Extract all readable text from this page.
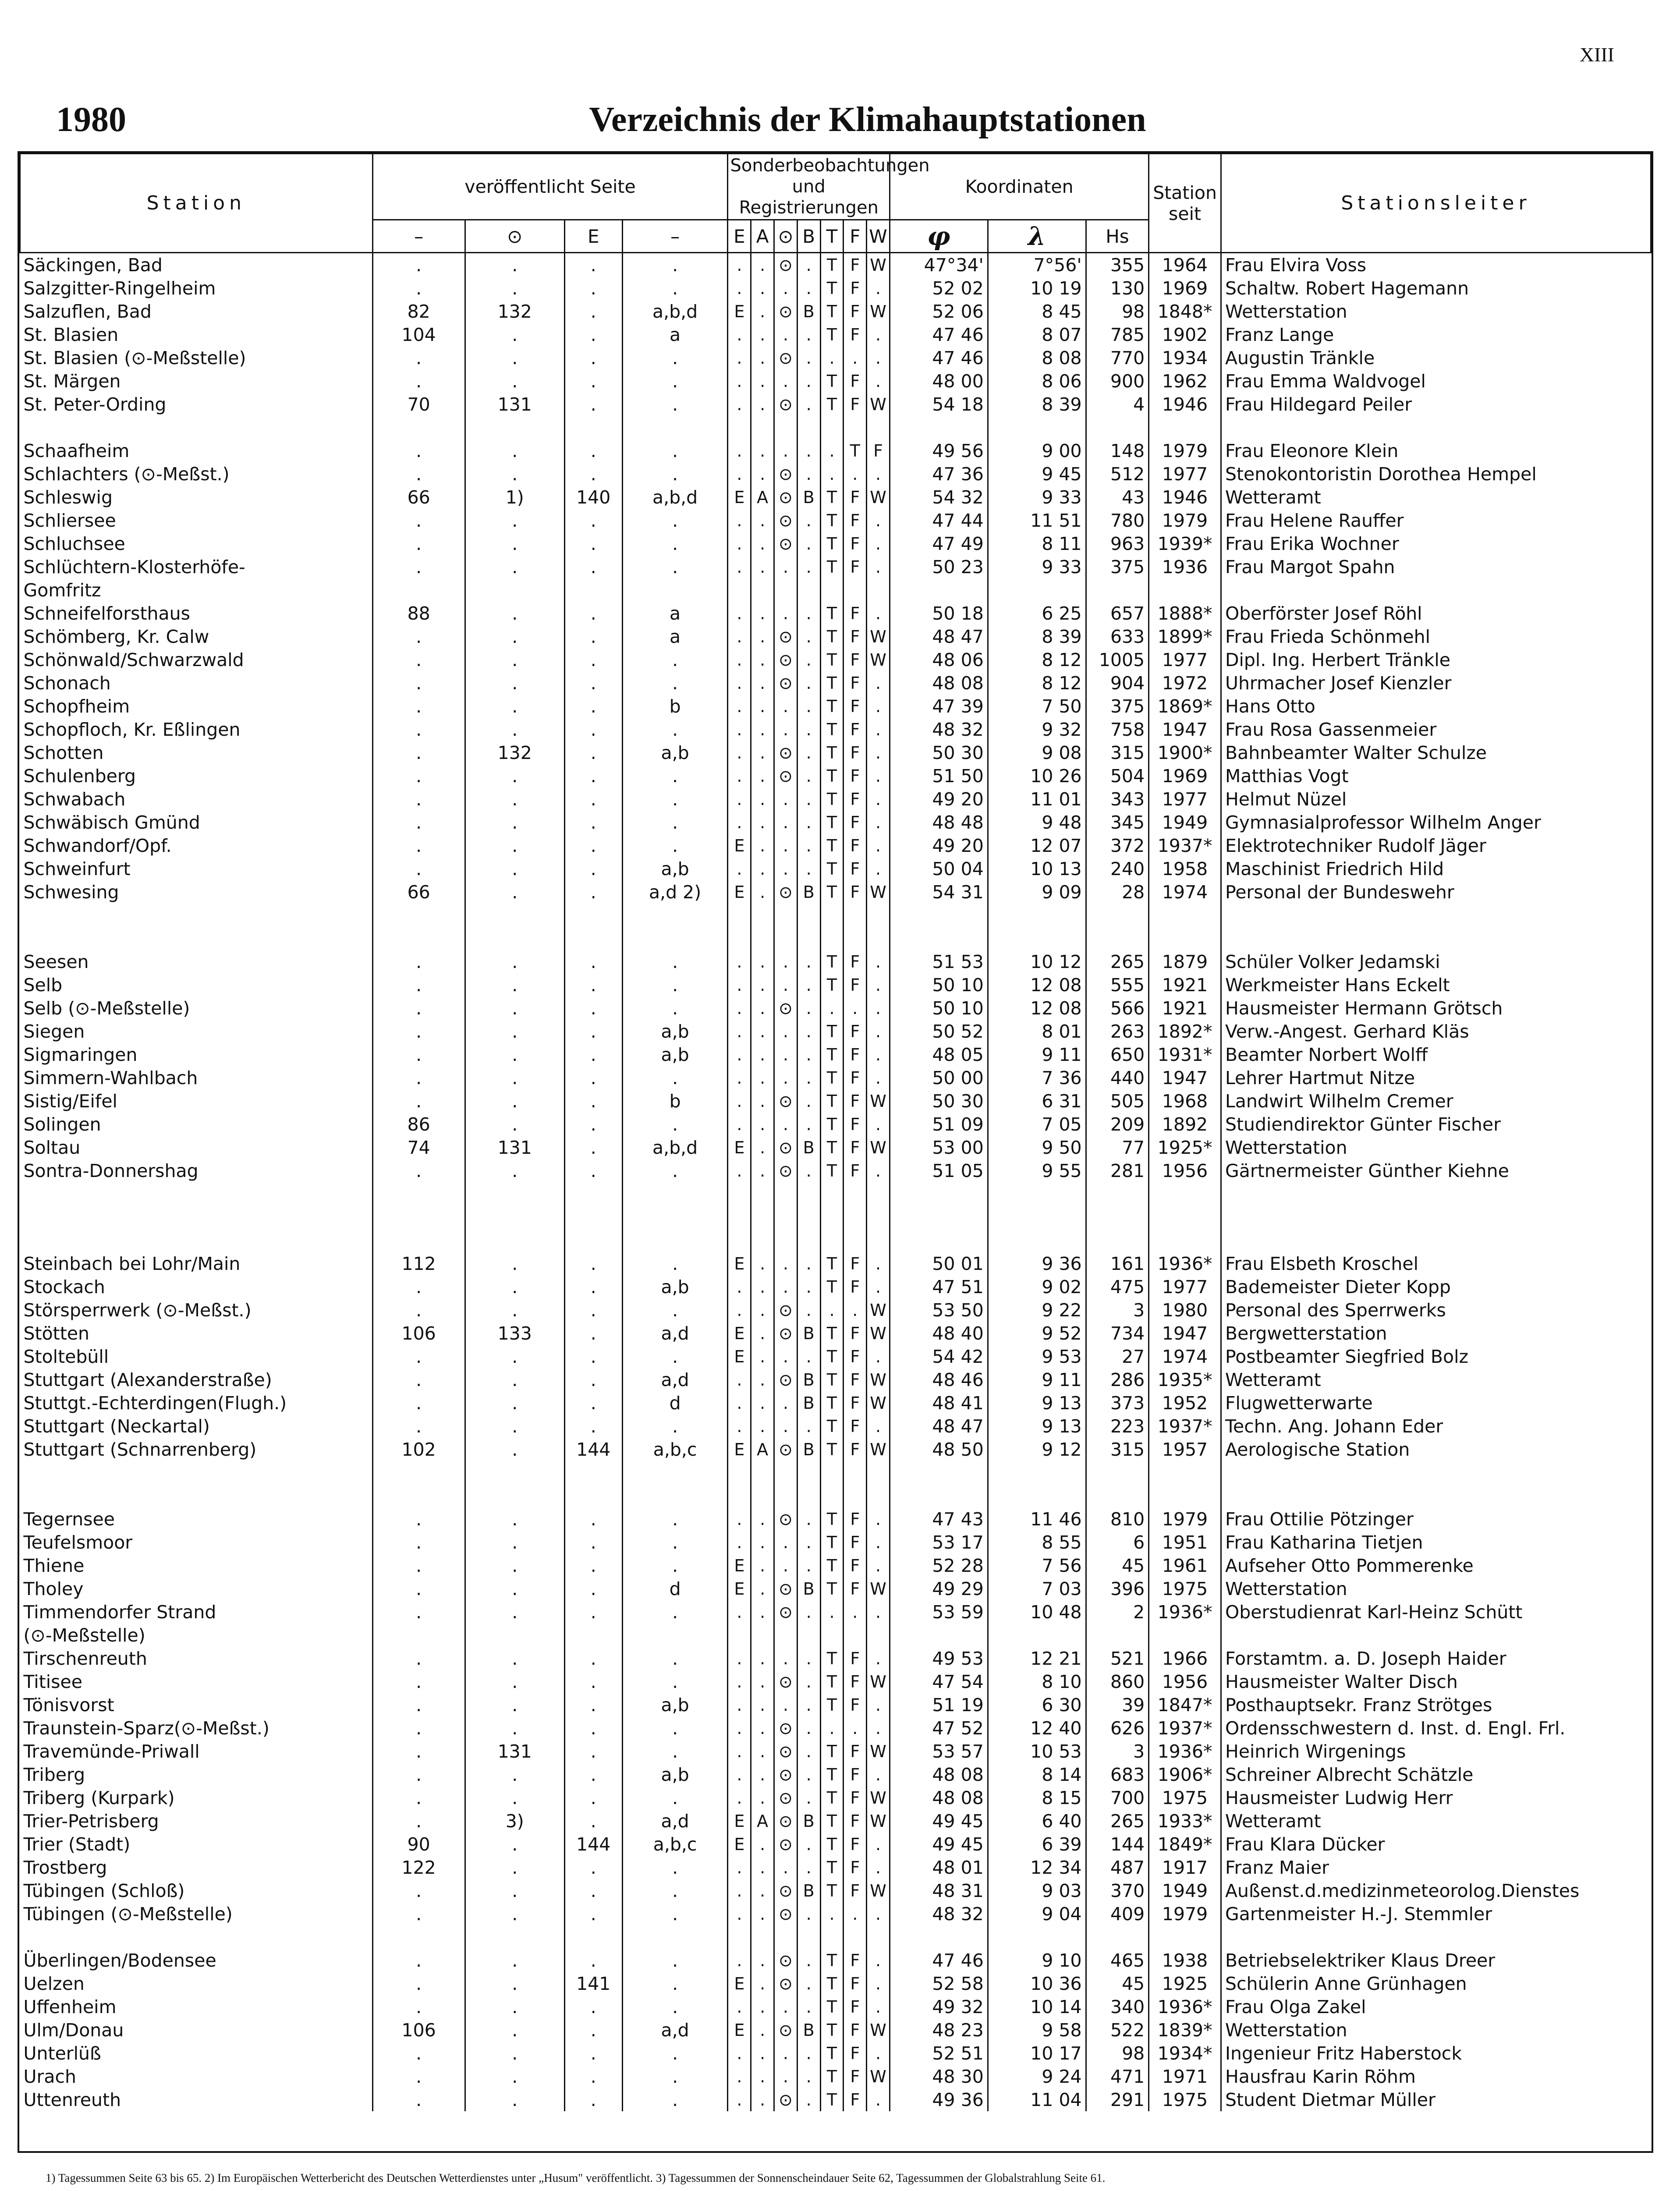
XIII
1980	Verzeichnis der Klimahauptstationen
Station	veröffentlicht Seite				Sonderbeobachtungen und Registrierungen							Koordinaten			Station seit	Stationsleiter
	–	⊙	E	–	E	A	⊙	B	T	F	W	φ	λ	Hs		
Säckingen, Bad	.	.	.	.	.	.	⊙	.	T	F	W	47°34'	7°56'	355	1964	Frau Elvira Voss
Salzgitter-Ringelheim	.	.	.	.	.	.	.	.	T	F	.	52 02	10 19	130	1969	Schaltw. Robert Hagemann
Salzuflen, Bad	82	132	.	a,b,d	E	.	⊙	B	T	F	W	52 06	8 45	98	1848*	Wetterstation
St. Blasien	104	.	.	a	.	.	.	.	T	F	.	47 46	8 07	785	1902	Franz Lange
St. Blasien (⊙-Meßstelle)	.	.	.	.	.	.	⊙	.	.	.	.	47 46	8 08	770	1934	Augustin Tränkle
St. Märgen	.	.	.	.	.	.	.	.	T	F	.	48 00	8 06	900	1962	Frau Emma Waldvogel
St. Peter-Ording	70	131	.	.	.	.	⊙	.	T	F	W	54 18	8 39	4	1946	Frau Hildegard Peiler

Schaafheim	.	.	.	.	.	.	.	.	.	T	F	49 56	9 00	148	1979	Frau Eleonore Klein
Schlachters (⊙-Meßst.)	.	.	.	.	.	.	⊙	.	.	.	.	47 36	9 45	512	1977	Stenokontoristin Dorothea Hempel
Schleswig	66	1)	140	a,b,d	E	A	⊙	B	T	F	W	54 32	9 33	43	1946	Wetteramt
Schliersee	.	.	.	.	.	.	⊙	.	T	F	.	47 44	11 51	780	1979	Frau Helene Rauffer
Schluchsee	.	.	.	.	.	.	⊙	.	T	F	.	47 49	8 11	963	1939*	Frau Erika Wochner
Schlüchtern-Klosterhöfe-	.	.	.	.	.	.	.	.	T	F	.	50 23	9 33	375	1936	Frau Margot Spahn
Gomfritz																
Schneifelforsthaus	88	.	.	a	.	.	.	.	T	F	.	50 18	6 25	657	1888*	Oberförster Josef Röhl
Schömberg, Kr. Calw	.	.	.	a	.	.	⊙	.	T	F	W	48 47	8 39	633	1899*	Frau Frieda Schönmehl
Schönwald/Schwarzwald	.	.	.	.	.	.	⊙	.	T	F	W	48 06	8 12	1005	1977	Dipl. Ing. Herbert Tränkle
Schonach	.	.	.	.	.	.	⊙	.	T	F	.	48 08	8 12	904	1972	Uhrmacher Josef Kienzler
Schopfheim	.	.	.	b	.	.	.	.	T	F	.	47 39	7 50	375	1869*	Hans Otto
Schopfloch, Kr. Eßlingen	.	.	.	.	.	.	.	.	T	F	.	48 32	9 32	758	1947	Frau Rosa Gassenmeier
Schotten	.	132	.	a,b	.	.	⊙	.	T	F	.	50 30	9 08	315	1900*	Bahnbeamter Walter Schulze
Schulenberg	.	.	.	.	.	.	⊙	.	T	F	.	51 50	10 26	504	1969	Matthias Vogt
Schwabach	.	.	.	.	.	.	.	.	T	F	.	49 20	11 01	343	1977	Helmut Nüzel
Schwäbisch Gmünd	.	.	.	.	.	.	.	.	T	F	.	48 48	9 48	345	1949	Gymnasialprofessor Wilhelm Anger
Schwandorf/Opf.	.	.	.	.	E	.	.	.	T	F	.	49 20	12 07	372	1937*	Elektrotechniker Rudolf Jäger
Schweinfurt	.	.	.	a,b	.	.	.	.	T	F	.	50 04	10 13	240	1958	Maschinist Friedrich Hild
Schwesing	66	.	.	a,d 2)	E	.	⊙	B	T	F	W	54 31	9 09	28	1974	Personal der Bundeswehr

Seesen	.	.	.	.	.	.	.	.	T	F	.	51 53	10 12	265	1879	Schüler Volker Jedamski
Selb	.	.	.	.	.	.	.	.	T	F	.	50 10	12 08	555	1921	Werkmeister Hans Eckelt
Selb (⊙-Meßstelle)	.	.	.	.	.	.	⊙	.	.	.	.	50 10	12 08	566	1921	Hausmeister Hermann Grötsch
Siegen	.	.	.	a,b	.	.	.	.	T	F	.	50 52	8 01	263	1892*	Verw.-Angest. Gerhard Kläs
Sigmaringen	.	.	.	a,b	.	.	.	.	T	F	.	48 05	9 11	650	1931*	Beamter Norbert Wolff
Simmern-Wahlbach	.	.	.	.	.	.	.	.	T	F	.	50 00	7 36	440	1947	Lehrer Hartmut Nitze
Sistig/Eifel	.	.	.	b	.	.	⊙	.	T	F	W	50 30	6 31	505	1968	Landwirt Wilhelm Cremer
Solingen	86	.	.	.	.	.	.	.	T	F	.	51 09	7 05	209	1892	Studiendirektor Günter Fischer
Soltau	74	131	.	a,b,d	E	.	⊙	B	T	F	W	53 00	9 50	77	1925*	Wetterstation
Sontra-Donnershag	.	.	.	.	.	.	⊙	.	T	F	.	51 05	9 55	281	1956	Gärtnermeister Günther Kiehne

Steinbach bei Lohr/Main	112	.	.	.	E	.	.	.	T	F	.	50 01	9 36	161	1936*	Frau Elsbeth Kroschel
Stockach	.	.	.	a,b	.	.	.	.	T	F	.	47 51	9 02	475	1977	Bademeister Dieter Kopp
Störsperrwerk (⊙-Meßst.)	.	.	.	.	.	.	⊙	.	.	.	W	53 50	9 22	3	1980	Personal des Sperrwerks
Stötten	106	133	.	a,d	E	.	⊙	B	T	F	W	48 40	9 52	734	1947	Bergwetterstation
Stoltebüll	.	.	.	.	E	.	.	.	T	F	.	54 42	9 53	27	1974	Postbeamter Siegfried Bolz
Stuttgart (Alexanderstraße)	.	.	.	a,d	.	.	⊙	B	T	F	W	48 46	9 11	286	1935*	Wetteramt
Stuttgt.-Echterdingen(Flugh.)	.	.	.	d	.	.	.	B	T	F	W	48 41	9 13	373	1952	Flugwetterwarte
Stuttgart (Neckartal)	.	.	.	.	.	.	.	.	T	F	.	48 47	9 13	223	1937*	Techn. Ang. Johann Eder
Stuttgart (Schnarrenberg)	102	.	144	a,b,c	E	A	⊙	B	T	F	W	48 50	9 12	315	1957	Aerologische Station

Tegernsee	.	.	.	.	.	.	⊙	.	T	F	.	47 43	11 46	810	1979	Frau Ottilie Pötzinger
Teufelsmoor	.	.	.	.	.	.	.	.	T	F	.	53 17	8 55	6	1951	Frau Katharina Tietjen
Thiene	.	.	.	.	E	.	.	.	T	F	.	52 28	7 56	45	1961	Aufseher Otto Pommerenke
Tholey	.	.	.	d	E	.	⊙	B	T	F	W	49 29	7 03	396	1975	Wetterstation
Timmendorfer Strand	.	.	.	.	.	.	⊙	.	.	.	.	53 59	10 48	2	1936*	Oberstudienrat Karl-Heinz Schütt
(⊙-Meßstelle)																
Tirschenreuth	.	.	.	.	.	.	.	.	T	F	.	49 53	12 21	521	1966	Forstamtm. a. D. Joseph Haider
Titisee	.	.	.	.	.	.	⊙	.	T	F	W	47 54	8 10	860	1956	Hausmeister Walter Disch
Tönisvorst	.	.	.	a,b	.	.	.	.	T	F	.	51 19	6 30	39	1847*	Posthauptsekr. Franz Strötges
Traunstein-Sparz(⊙-Meßst.)	.	.	.	.	.	.	⊙	.	.	.	.	47 52	12 40	626	1937*	Ordensschwestern d. Inst. d. Engl. Frl.
Travemünde-Priwall	.	131	.	.	.	.	⊙	.	T	F	W	53 57	10 53	3	1936*	Heinrich Wirgenings
Triberg	.	.	.	a,b	.	.	⊙	.	T	F	.	48 08	8 14	683	1906*	Schreiner Albrecht Schätzle
Triberg (Kurpark)	.	.	.	.	.	.	⊙	.	T	F	W	48 08	8 15	700	1975	Hausmeister Ludwig Herr
Trier-Petrisberg	.	3)	.	a,d	E	A	⊙	B	T	F	W	49 45	6 40	265	1933*	Wetteramt
Trier (Stadt)	90	.	144	a,b,c	E	.	⊙	.	T	F	.	49 45	6 39	144	1849*	Frau Klara Dücker
Trostberg	122	.	.	.	.	.	.	.	T	F	.	48 01	12 34	487	1917	Franz Maier
Tübingen (Schloß)	.	.	.	.	.	.	⊙	B	T	F	W	48 31	9 03	370	1949	Außenst.d.medizinmeteorolog.Dienstes
Tübingen (⊙-Meßstelle)	.	.	.	.	.	.	⊙	.	.	.	.	48 32	9 04	409	1979	Gartenmeister H.-J. Stemmler

Überlingen/Bodensee	.	.	.	.	.	.	⊙	.	T	F	.	47 46	9 10	465	1938	Betriebselektriker Klaus Dreer
Uelzen	.	.	141	.	E	.	⊙	.	T	F	.	52 58	10 36	45	1925	Schülerin Anne Grünhagen
Uffenheim	.	.	.	.	.	.	.	.	T	F	.	49 32	10 14	340	1936*	Frau Olga Zakel
Ulm/Donau	106	.	.	a,d	E	.	⊙	B	T	F	W	48 23	9 58	522	1839*	Wetterstation
Unterlüß	.	.	.	.	.	.	.	.	T	F	.	52 51	10 17	98	1934*	Ingenieur Fritz Haberstock
Urach	.	.	.	.	.	.	.	.	T	F	W	48 30	9 24	471	1971	Hausfrau Karin Röhm
Uttenreuth	.	.	.	.	.	.	⊙	.	T	F	.	49 36	11 04	291	1975	Student Dietmar Müller
1) Tagessummen Seite 63 bis 65. 2) Im Europäischen Wetterbericht des Deutschen Wetterdienstes unter „Husum" veröffentlicht. 3) Tagessummen der Sonnenscheindauer Seite 62, Tagessummen der Globalstrahlung Seite 61.
